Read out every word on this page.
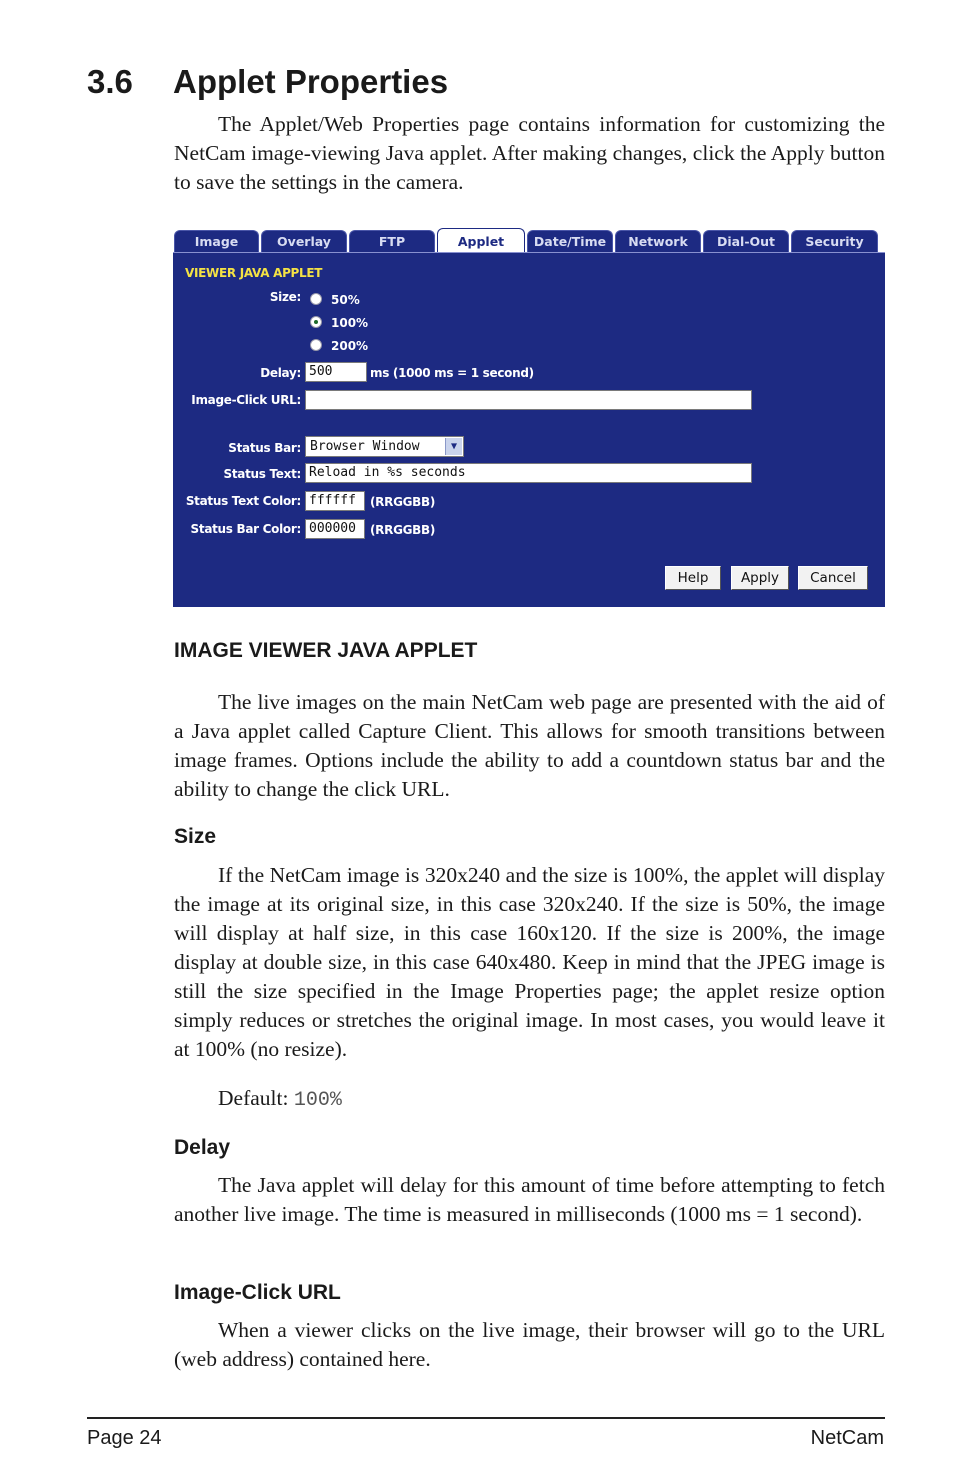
3.6 Applet Properties

The Applet/Web Properties page contains information for customizing the NetCam image-viewing Java applet. After making changes, click the Apply button to save the settings in the camera.

Image	Overlay	FTP	Applet	Date/Time	Network	Dial-Out	Security
VIEWER JAVA APPLET
Size:	50%
100%
200%
Delay: 500	ms (1000 ms = 1 second)
Image-Click URL:
Status Bar: Browser Window	▼
Status Text: Reload in %s seconds
Status Text Color: ffffff	(RRGGBB)
Status Bar Color: 000000	(RRGGBB)
Help	Apply	Cancel
IMAGE VIEWER JAVA APPLET

The live images on the main NetCam web page are presented with the aid of a Java applet called Capture Client. This allows for smooth transitions between image frames. Options include the ability to add a countdown status bar and the ability to change the click URL.

Size

If the NetCam image is 320x240 and the size is 100%, the applet will display the image at its original size, in this case 320x240. If the size is 50%, the image will display at half size, in this case 160x120. If the size is 200%, the image display at double size, in this case 640x480. Keep in mind that the JPEG image is still the size specified in the Image Properties page; the applet resize option simply reduces or stretches the original image. In most cases, you would leave it at 100% (no resize).

Default: 100%
Delay

The Java applet will delay for this amount of time before attempting to fetch another live image. The time is measured in milliseconds (1000 ms = 1 second).

Image-Click URL

When a viewer clicks on the live image, their browser will go to the URL (web address) contained here.

Page 24	NetCam
